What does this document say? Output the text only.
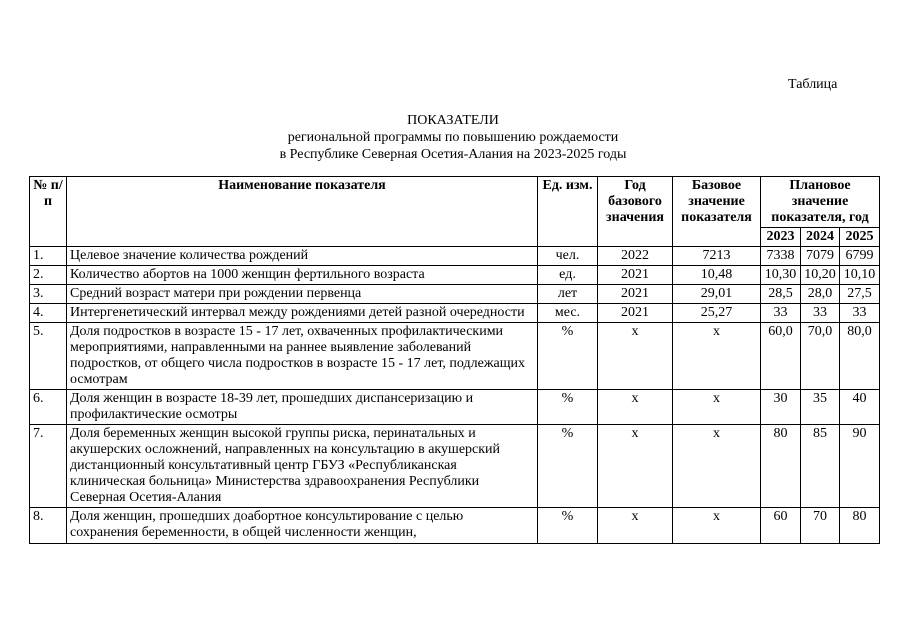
Таблица
ПОКАЗАТЕЛИ
региональной программы по повышению рождаемости
в Республике Северная Осетия-Алания на 2023-2025 годы
№ п/п	Наименование показателя	Ед. изм.	Год базового значения	Базовое значение показателя	Плановое значение показателя, год		
					2023	2024	2025
1.	Целевое значение количества рождений	чел.	2022	7213	7338	7079	6799
2.	Количество абортов на 1000 женщин фертильного возраста	ед.	2021	10,48	10,30	10,20	10,10
3.	Средний возраст матери при рождении первенца	лет	2021	29,01	28,5	28,0	27,5
4.	Интергенетический интервал между рождениями детей разной очередности	мес.	2021	25,27	33	33	33
5.	Доля подростков в возрасте 15 - 17 лет, охваченных профилактическими мероприятиями, направленными на раннее выявление заболеваний подростков, от общего числа подростков в возрасте 15 - 17 лет, подлежащих осмотрам	%	x	x	60,0	70,0	80,0
6.	Доля женщин в возрасте 18-39 лет, прошедших диспансеризацию и профилактические осмотры	%	x	x	30	35	40
7.	Доля беременных женщин высокой группы риска, перинатальных и акушерских осложнений, направленных на консультацию в акушерский дистанционный консультативный центр ГБУЗ «Республиканская клиническая больница» Министерства здравоохранения Республики Северная Осетия-Алания	%	x	x	80	85	90
8.	Доля женщин, прошедших доабортное консультирование с целью сохранения беременности, в общей численности женщин,	%	x	x	60	70	80
